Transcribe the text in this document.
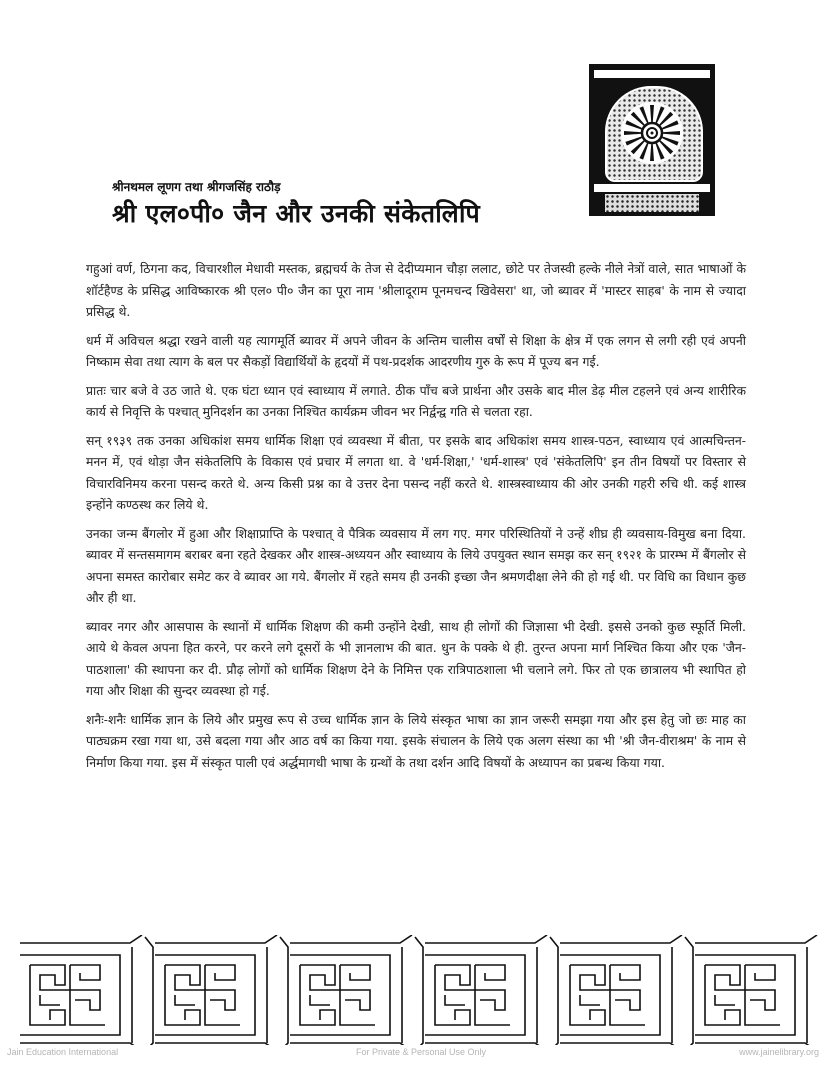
श्रीनथमल लूणग तथा श्रीगजसिंह राठौड़
श्री एल०पी० जैन और उनकी संकेतलिपि

गहुआं वर्ण, ठिगना कद, विचारशील मेधावी मस्तक, ब्रह्मचर्य के तेज से देदीप्यमान चौड़ा ललाट, छोटे पर तेजस्वी हल्के नीले नेत्रों वाले, सात भाषाओं के शॉर्टहैण्ड के प्रसिद्ध आविष्कारक श्री एल० पी० जैन का पूरा नाम 'श्रीलादूराम पूनमचन्द खिवेसरा' था, जो ब्यावर में 'मास्टर साहब' के नाम से ज्यादा प्रसिद्ध थे.

धर्म में अविचल श्रद्धा रखने वाली यह त्यागमूर्ति ब्यावर में अपने जीवन के अन्तिम चालीस वर्षों से शिक्षा के क्षेत्र में एक लगन से लगी रही एवं अपनी निष्काम सेवा तथा त्याग के बल पर सैकड़ों विद्यार्थियों के हृदयों में पथ-प्रदर्शक आदरणीय गुरु के रूप में पूज्य बन गई.

प्रातः चार बजे वे उठ जाते थे. एक घंटा ध्यान एवं स्वाध्याय में लगाते. ठीक पाँच बजे प्रार्थना और उसके बाद मील डेढ़ मील टहलने एवं अन्य शारीरिक कार्य से निवृत्ति के पश्चात् मुनिदर्शन का उनका निश्चित कार्यक्रम जीवन भर निर्द्वन्द्व गति से चलता रहा.

सन् १९३९ तक उनका अधिकांश समय धार्मिक शिक्षा एवं व्यवस्था में बीता, पर इसके बाद अधिकांश समय शास्त्र-पठन, स्वाध्याय एवं आत्मचिन्तन-मनन में, एवं थोड़ा जैन संकेतलिपि के विकास एवं प्रचार में लगता था. वे 'धर्म-शिक्षा,' 'धर्म-शास्त्र' एवं 'संकेतलिपि' इन तीन विषयों पर विस्तार से विचारविनिमय करना पसन्द करते थे. अन्य किसी प्रश्न का वे उत्तर देना पसन्द नहीं करते थे. शास्त्रस्वाध्याय की ओर उनकी गहरी रुचि थी. कई शास्त्र इन्होंने कण्ठस्थ कर लिये थे.

उनका जन्म बैंगलोर में हुआ और शिक्षाप्राप्ति के पश्चात् वे पैत्रिक व्यवसाय में लग गए. मगर परिस्थितियों ने उन्हें शीघ्र ही व्यवसाय-विमुख बना दिया. ब्यावर में सन्तसमागम बराबर बना रहते देखकर और शास्त्र-अध्ययन और स्वाध्याय के लिये उपयुक्त स्थान समझ कर सन् १९२१ के प्रारम्भ में बैंगलोर से अपना समस्त कारोबार समेट कर वे ब्यावर आ गये. बैंगलोर में रहते समय ही उनकी इच्छा जैन श्रमणदीक्षा लेने की हो गई थी. पर विधि का विधान कुछ और ही था.

ब्यावर नगर और आसपास के स्थानों में धार्मिक शिक्षण की कमी उन्होंने देखी, साथ ही लोगों की जिज्ञासा भी देखी. इससे उनको कुछ स्फूर्ति मिली. आये थे केवल अपना हित करने, पर करने लगे दूसरों के भी ज्ञानलाभ की बात. धुन के पक्के थे ही. तुरन्त अपना मार्ग निश्चित किया और एक 'जैन-पाठशाला' की स्थापना कर दी. प्रौढ़ लोगों को धार्मिक शिक्षण देने के निमित्त एक रात्रिपाठशाला भी चलाने लगे. फिर तो एक छात्रालय भी स्थापित हो गया और शिक्षा की सुन्दर व्यवस्था हो गई.

शनैः-शनैः धार्मिक ज्ञान के लिये और प्रमुख रूप से उच्च धार्मिक ज्ञान के लिये संस्कृत भाषा का ज्ञान जरूरी समझा गया और इस हेतु जो छः माह का पाठ्यक्रम रखा गया था, उसे बदला गया और आठ वर्ष का किया गया. इसके संचालन के लिये एक अलग संस्था का भी 'श्री जैन-वीराश्रम' के नाम से निर्माण किया गया. इस में संस्कृत पाली एवं अर्द्धमागधी भाषा के ग्रन्थों के तथा दर्शन आदि विषयों के अध्यापन का प्रबन्ध किया गया.

Jain Education International	For Private & Personal Use Only	www.jainelibrary.org
